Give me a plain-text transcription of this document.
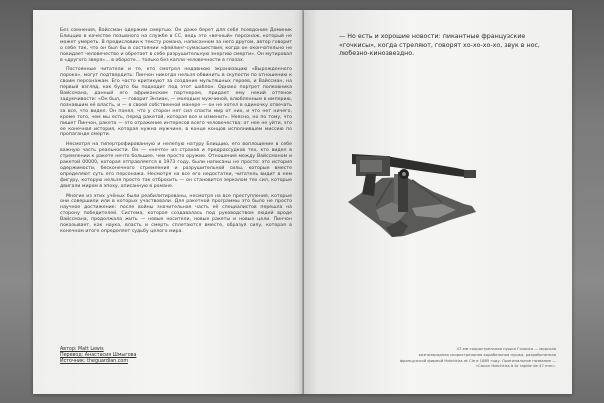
Без сомнения, Вайссман одержим смертью. Он даже берет для себя псевдоним Доминик Блиццио в качестве позывного на службе в СС, ведь это «вечный» персонаж, который не может умереть. В предисловии к тексту романа, написанном за него другом, автор говорит о себе так, что он был бы в состоянии «фейлинг-сумасшествия, когда он окончательно не покидает человечество и обретает в себе разрушительную энергию смерти». Он мутировал в «другого зверя»… в обороте… только без капли человечности в глазах.

Постоянные читатели и те, кто смотрел недавнюю экранизацию «Вырожденного порока», могут подтвердить: Пинчон никогда нельзя обвинить в скупости по отношению к своим персонажам. Его часто критикуют за создание мультяшных героев, и Вайссман, на первый взгляд, как будто бы подходит под этот шаблон. Однако портрет полковника Вайссмана, данный его африканским партнером, придает ему некий оттенок задумчивости: «Он был, — говорит Энзиан, — молодым мужчиной, влюбленным в империю, познавшим её власть, и — в своей собственной манере — он не хотел в одиночку отвечать за все, что видел. Он понял, что у сторон нет сил спасти мир от них, и что нет ничего, кроме того, чем мы есть, перед ракетой, которая все и изменит». Неясно, но по тому, что пишет Пинчон, ракета — это отражение интересов всего человечества: от нее не уйти, это ее конечная история, которая нужна мужчине, в конце концов исполнившем миссию по пропаганде смерти.

Несмотря на гипертрофированную и нелепую натуру Блиццио, его воплощение в себе важную часть реальности. Он — «нечто» из страхов и предрассудков тех, кто видел в стремлении к ракете нечто большее, чем просто оружие. Отношения между Вайссманом и ракетой 00000, которая отправляется в 1973 году, были написаны не просто: это история одержимости, бесконечного стремления и разрушительной силы, которые вместе определяют суть его персонажа. Несмотря на все его недостатки, читатель видит в нем фигуру, которую нельзя просто так отбросить — он становится зеркалом тех сил, которые двигали миром в эпоху, описанную в романе.

Многие из этих учёных были реабилитированы, несмотря на все преступления, которые они совершили или в которых участвовали. Для ракетной программы это было не просто научное достижение: после войны значительная часть её специалистов перешла на сторону победителей. Система, которая создавалась под руководством людей вроде Вайссмана, продолжала жить — новые носители, новые ракеты и новые цели. Пинчон показывает, как наука, власть и смерть сплетаются вместе, образуя силу, которая в конечном итоге определяет судьбу целого мира.

Автор: Matt Lewis
Перевод: Анастасия Шмыгова
Источник: theguardian.com
— Но есть и хорошие новости: пикантные французские «гочкисы», когда стреляют, говорят хо-хо-хо-хо, звук в нос, любезно-кинозвездно.
47-мм скорострельная пушка Гочкиса — морская
казнозарядная скорострельная корабельная пушка, разработанная
французской фирмой Hotchkiss et Cie в 1885 году. Оригинальное название —
«Canon Hotchkiss à tir rapide de 47 mm».
